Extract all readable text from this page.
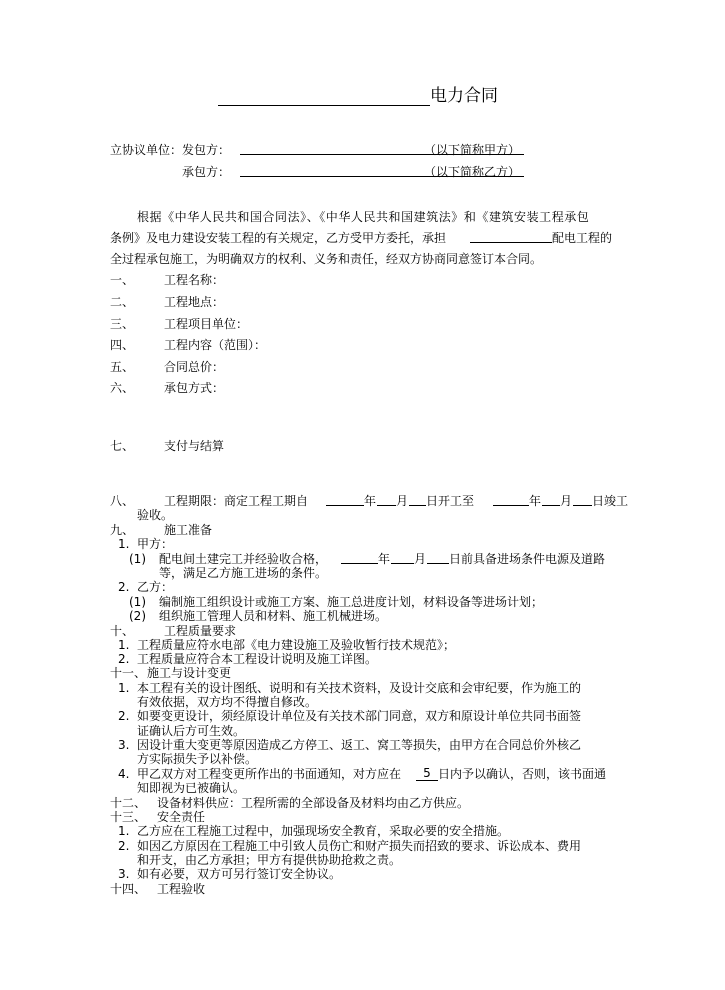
电力合同
立协议单位： 发包方：	（以下简称甲方）
承包方：	（以下简称乙方）
根据《中华人民共和国合同法》、《中华人民共和国建筑法》和《建筑安装工程承包
条例》及电力建设安装工程的有关规定，乙方受甲方委托，承担	配电工程的
全过程承包施工，为明确双方的权利、义务和责任，经双方协商同意签订本合同。
一、 工程名称：
二、 工程地点：
三、 工程项目单位：
四、 工程内容（范围）：
五、 合同总价：
六、 承包方式：
七、 支付与结算
八、 工程期限：商定工程工期自	年 月 日开工至	年 月 日竣工
验收。
九、 施工准备
1. 甲方：
(1) 配电间土建完工并经验收合格，	年 月 日前具备进场条件电源及道路
等，满足乙方施工进场的条件。
2. 乙方：
(1) 编制施工组织设计或施工方案、施工总进度计划，材料设备等进场计划；
(2) 组织施工管理人员和材料、施工机械进场。
十、 工程质量要求
1. 工程质量应符水电部《电力建设施工及验收暂行技术规范》；
2. 工程质量应符合本工程设计说明及施工详图。
十一、 施工与设计变更
1. 本工程有关的设计图纸、说明和有关技术资料，及设计交底和会审纪要，作为施工的
有效依据，双方均不得擅自修改。
2. 如要变更设计，须经原设计单位及有关技术部门同意，双方和原设计单位共同书面签
证确认后方可生效。
3. 因设计重大变更等原因造成乙方停工、返工、窝工等损失，由甲方在合同总价外核乙
方实际损失予以补偿。
4. 甲乙双方对工程变更所作出的书面通知，对方应在	5 日内予以确认，否则，该书面通
知即视为已被确认。
十二、 设备材料供应：工程所需的全部设备及材料均由乙方供应。
十三、 安全责任
1. 乙方应在工程施工过程中，加强现场安全教育，采取必要的安全措施。
2. 如因乙方原因在工程施工中引致人员伤亡和财产损失而招致的要求、诉讼成本、费用
和开支，由乙方承担；甲方有提供协助抢救之责。
3. 如有必要，双方可另行签订安全协议。
十四、 工程验收
